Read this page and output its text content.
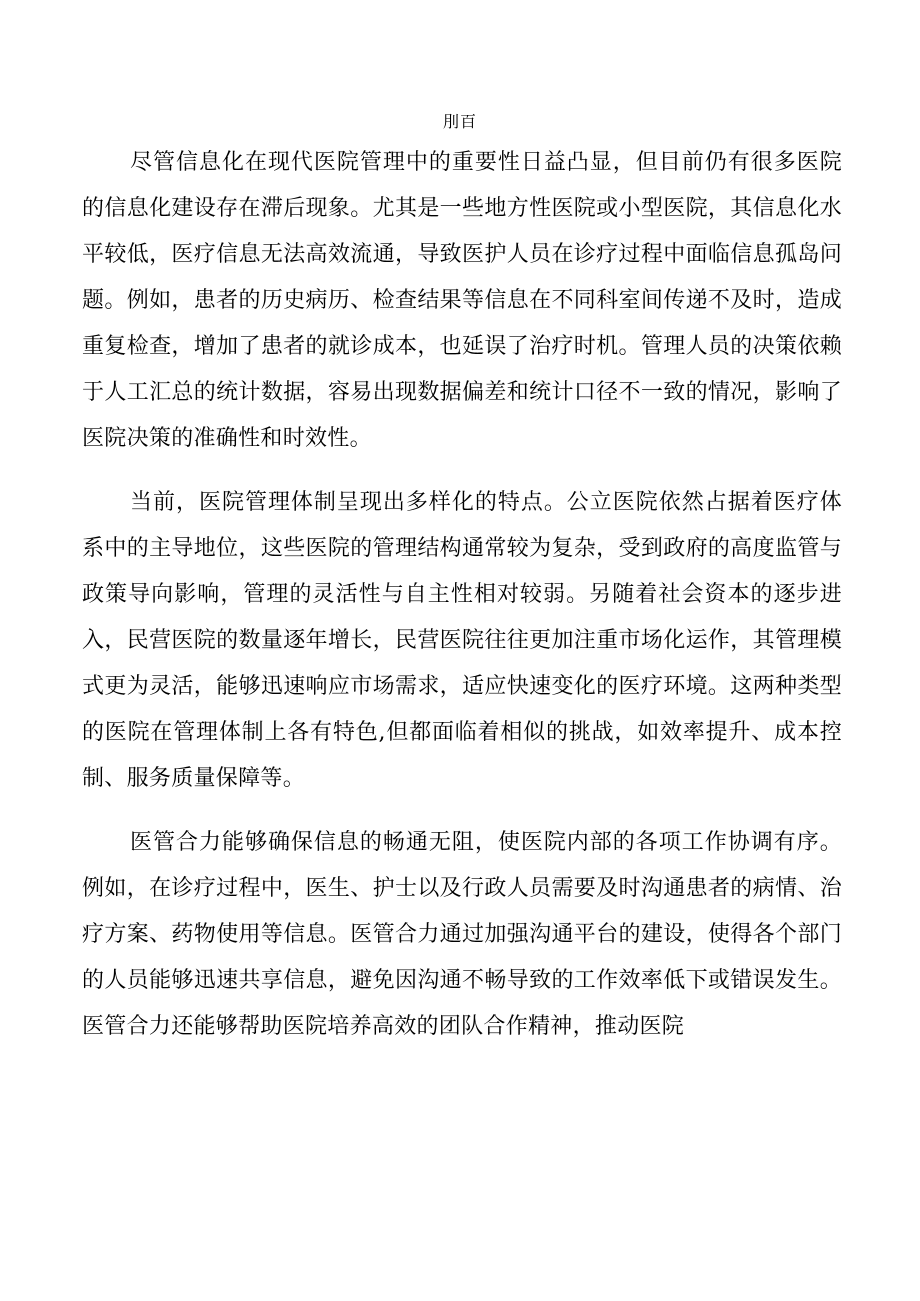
刖百

尽管信息化在现代医院管理中的重要性日益凸显，但目前仍有很多医院的信息化建设存在滞后现象。尤其是一些地方性医院或小型医院，其信息化水平较低，医疗信息无法高效流通，导致医护人员在诊疗过程中面临信息孤岛问题。例如，患者的历史病历、检查结果等信息在不同科室间传递不及时，造成重复检查，增加了患者的就诊成本，也延误了治疗时机。管理人员的决策依赖于人工汇总的统计数据，容易出现数据偏差和统计口径不一致的情况，影响了医院决策的准确性和时效性。

当前，医院管理体制呈现出多样化的特点。公立医院依然占据着医疗体系中的主导地位，这些医院的管理结构通常较为复杂，受到政府的高度监管与政策导向影响，管理的灵活性与自主性相对较弱。另随着社会资本的逐步进入，民营医院的数量逐年增长，民营医院往往更加注重市场化运作，其管理模式更为灵活，能够迅速响应市场需求，适应快速变化的医疗环境。这两种类型的医院在管理体制上各有特色,但都面临着相似的挑战，如效率提升、成本控制、服务质量保障等。

医管合力能够确保信息的畅通无阻，使医院内部的各项工作协调有序。例如，在诊疗过程中，医生、护士以及行政人员需要及时沟通患者的病情、治疗方案、药物使用等信息。医管合力通过加强沟通平台的建设，使得各个部门的人员能够迅速共享信息，避免因沟通不畅导致的工作效率低下或错误发生。医管合力还能够帮助医院培养高效的团队合作精神，推动医院
